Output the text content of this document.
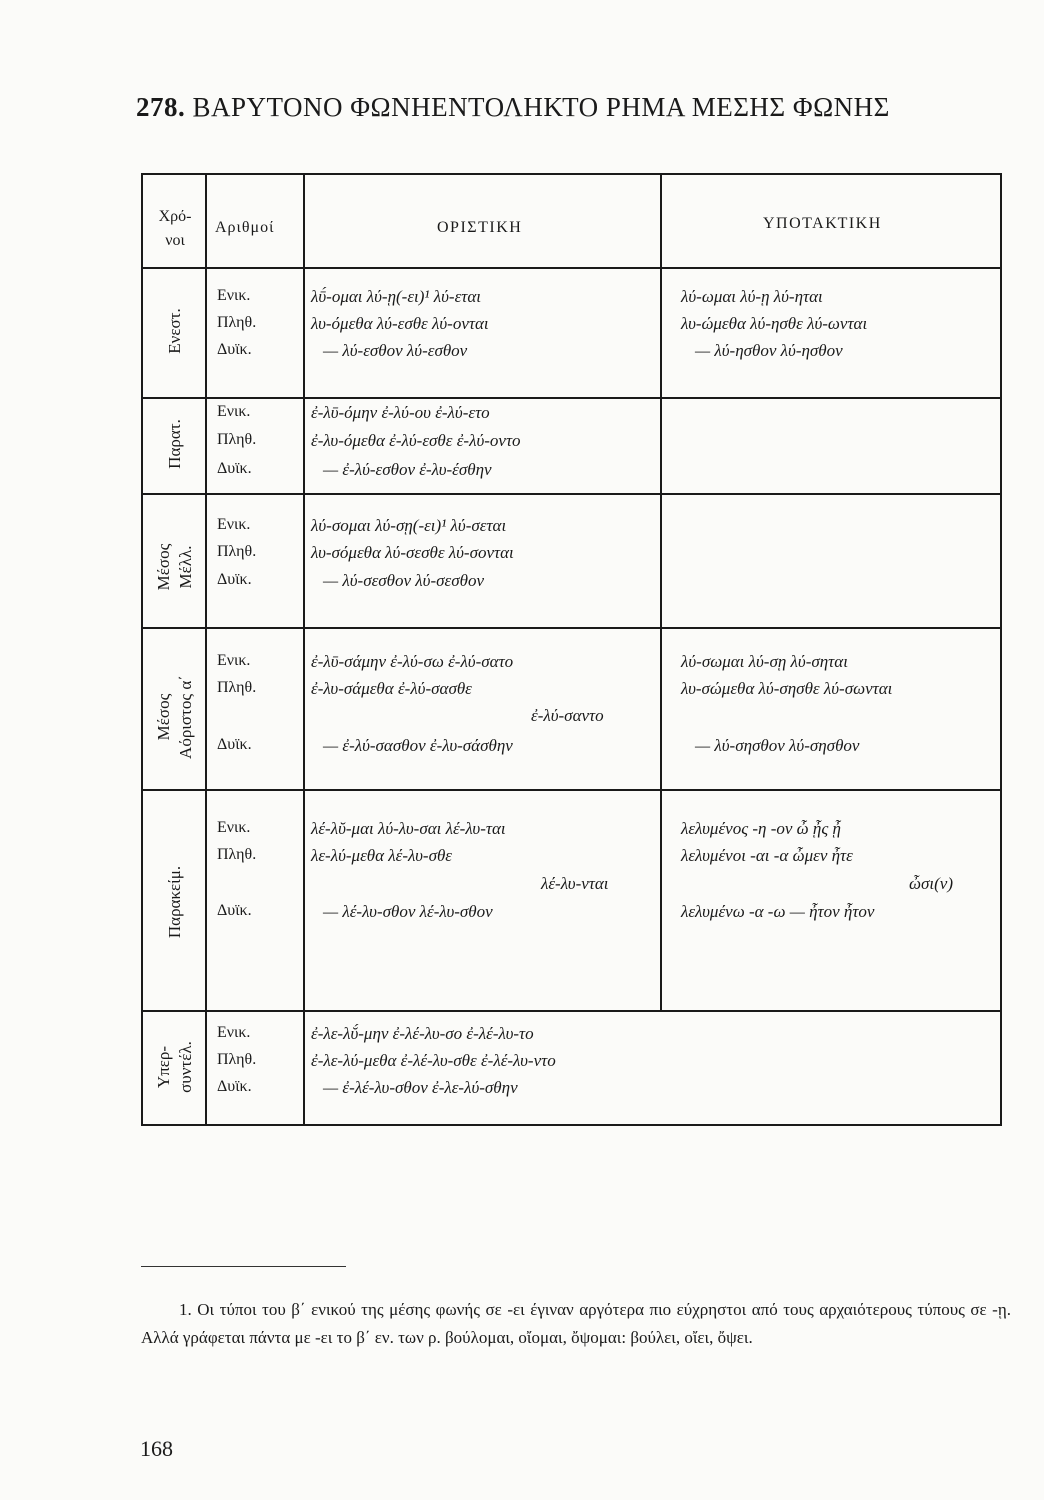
278. ΒΑΡΥΤΟΝΟ ΦΩΝΗΕΝΤΟΛΗΚΤΟ ΡΗΜΑ ΜΕΣΗΣ ΦΩΝΗΣ
Χρό-
νοι
Αριθμοί	ΟΡΙΣΤΙΚΗ	ΥΠΟΤΑΚΤΙΚΗ
Ενεστ.
Ενικ.
Πληθ.
Δυϊκ.
λῡ́-ομαι λύ-ῃ(-ει)¹ λύ-εται
λυ-όμεθα λύ-εσθε λύ-ονται
— λύ-εσθον λύ-εσθον
λύ-ωμαι λύ-ῃ λύ-ηται
λυ-ώμεθα λύ-ησθε λύ-ωνται
— λύ-ησθον λύ-ησθον
Παρατ.
Ενικ.
Πληθ.
Δυϊκ.
ἐ-λῡ-όμην ἐ-λύ-ου ἐ-λύ-ετο
ἐ-λυ-όμεθα ἐ-λύ-εσθε ἐ-λύ-οντο
— ἐ-λύ-εσθον ἐ-λυ-έσθην
Μέσος
Μέλλ.
Ενικ.
Πληθ.
Δυϊκ.
λύ-σομαι λύ-σῃ(-ει)¹ λύ-σεται
λυ-σόμεθα λύ-σεσθε λύ-σονται
— λύ-σεσθον λύ-σεσθον
Μέσος
Αόριστος α΄
Ενικ.
Πληθ.
Δυϊκ.
ἐ-λῡ-σάμην ἐ-λύ-σω ἐ-λύ-σατο
ἐ-λυ-σάμεθα ἐ-λύ-σασθε
ἐ-λύ-σαντο
— ἐ-λύ-σασθον ἐ-λυ-σάσθην
λύ-σωμαι λύ-σῃ λύ-σηται
λυ-σώμεθα λύ-σησθε λύ-σωνται
— λύ-σησθον λύ-σησθον
Παρακείμ.
Ενικ.
Πληθ.
Δυϊκ.
λέ-λῠ-μαι λύ-λυ-σαι λέ-λυ-ται
λε-λύ-μεθα λέ-λυ-σθε
λέ-λυ-νται
— λέ-λυ-σθον λέ-λυ-σθον
λελυμένος -η -ον ὦ ᾖς ᾖ
λελυμένοι -αι -α ὦμεν ἦτε
ὦσι(ν)
λελυμένω -α -ω — ἦτον ἦτον
Υπερ-
συντέλ.
Ενικ.
Πληθ.
Δυϊκ.
ἐ-λε-λῠ́-μην ἐ-λέ-λυ-σο ἐ-λέ-λυ-το
ἐ-λε-λύ-μεθα ἐ-λέ-λυ-σθε ἐ-λέ-λυ-ντο
— ἐ-λέ-λυ-σθον ἐ-λε-λύ-σθην
1. Οι τύποι του β΄ ενικού της μέσης φωνής σε -ει έγιναν αργότερα πιο εύχρηστοι από τους αρχαιότερους τύπους σε -ῃ. Αλλά γράφεται πάντα με -ει το β΄ εν. των ρ. βούλομαι, οἴομαι, ὄψομαι: βούλει, οἴει, ὄψει.
168
